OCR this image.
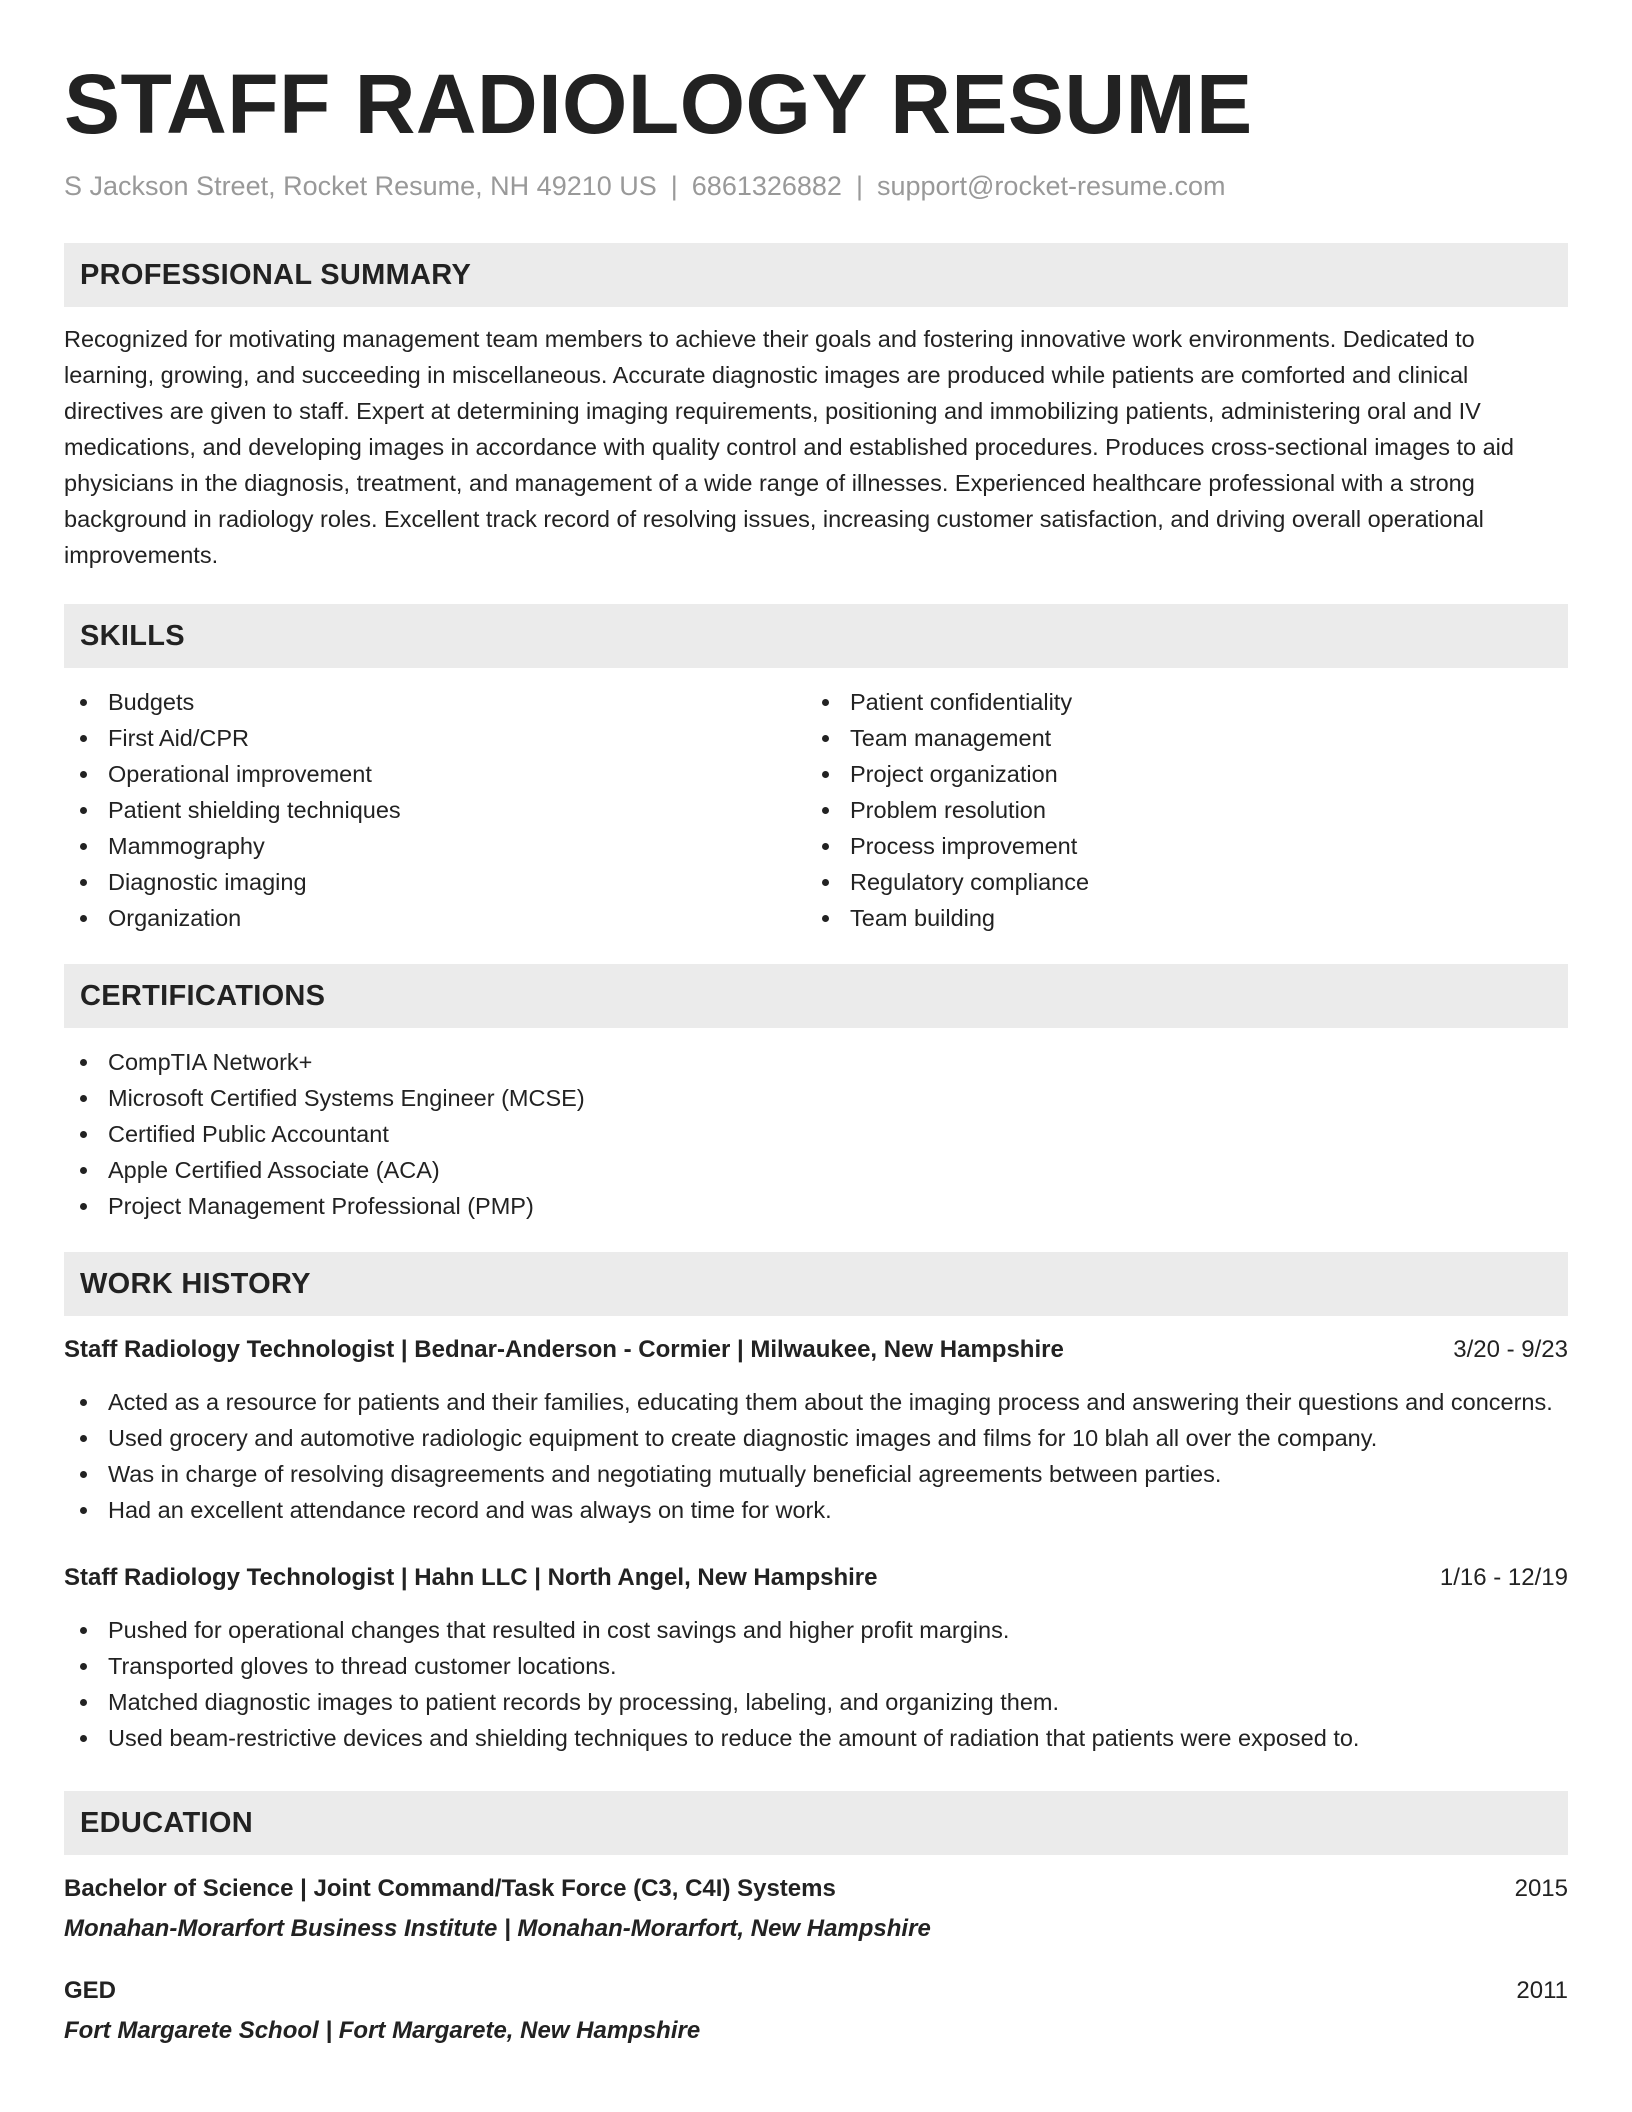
STAFF RADIOLOGY RESUME
S Jackson Street, Rocket Resume, NH 49210 US | 6861326882 | support@rocket-resume.com
PROFESSIONAL SUMMARY

Recognized for motivating management team members to achieve their goals and fostering innovative work environments. Dedicated to learning, growing, and succeeding in miscellaneous. Accurate diagnostic images are produced while patients are comforted and clinical directives are given to staff. Expert at determining imaging requirements, positioning and immobilizing patients, administering oral and IV medications, and developing images in accordance with quality control and established procedures. Produces cross-sectional images to aid physicians in the diagnosis, treatment, and management of a wide range of illnesses. Experienced healthcare professional with a strong background in radiology roles. Excellent track record of resolving issues, increasing customer satisfaction, and driving overall operational improvements.

SKILLS
Budgets
First Aid/CPR
Operational improvement
Patient shielding techniques
Mammography
Diagnostic imaging
Organization
Patient confidentiality
Team management
Project organization
Problem resolution
Process improvement
Regulatory compliance
Team building
CERTIFICATIONS
CompTIA Network+
Microsoft Certified Systems Engineer (MCSE)
Certified Public Accountant
Apple Certified Associate (ACA)
Project Management Professional (PMP)
WORK HISTORY
Staff Radiology Technologist | Bednar-Anderson - Cormier | Milwaukee, New Hampshire	3/20 - 9/23
Acted as a resource for patients and their families, educating them about the imaging process and answering their questions and concerns.
Used grocery and automotive radiologic equipment to create diagnostic images and films for 10 blah all over the company.
Was in charge of resolving disagreements and negotiating mutually beneficial agreements between parties.
Had an excellent attendance record and was always on time for work.
Staff Radiology Technologist | Hahn LLC | North Angel, New Hampshire	1/16 - 12/19
Pushed for operational changes that resulted in cost savings and higher profit margins.
Transported gloves to thread customer locations.
Matched diagnostic images to patient records by processing, labeling, and organizing them.
Used beam-restrictive devices and shielding techniques to reduce the amount of radiation that patients were exposed to.
EDUCATION
Bachelor of Science | Joint Command/Task Force (C3, C4I) Systems	2015
Monahan-Morarfort Business Institute | Monahan-Morarfort, New Hampshire
GED	2011
Fort Margarete School | Fort Margarete, New Hampshire
